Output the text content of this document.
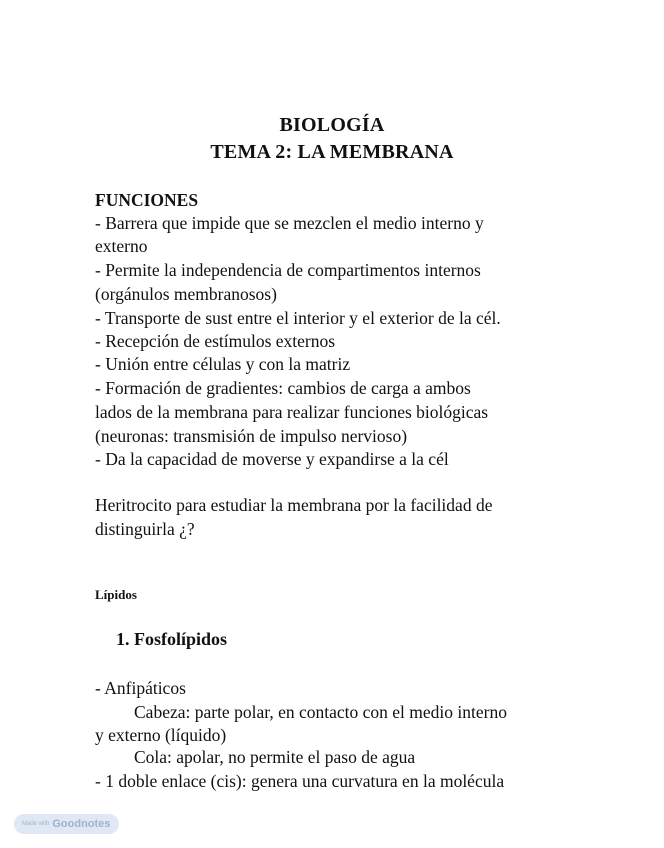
BIOLOGÍA
TEMA 2: LA MEMBRANA
FUNCIONES
- Barrera que impide que se mezclen el medio interno y
externo
- Permite la independencia de compartimentos internos
(orgánulos membranosos)
- Transporte de sust entre el interior y el exterior de la cél.
- Recepción de estímulos externos
- Unión entre células y con la matriz
- Formación de gradientes: cambios de carga a ambos
lados de la membrana para realizar funciones biológicas
(neuronas: transmisión de impulso nervioso)
- Da la capacidad de moverse y expandirse a la cél
Heritrocito para estudiar la membrana por la facilidad de
distinguirla ¿?
Lípidos
1. Fosfolípidos
- Anfipáticos
Cabeza: parte polar, en contacto con el medio interno
y externo (líquido)
Cola: apolar, no permite el paso de agua
- 1 doble enlace (cis): genera una curvatura en la molécula
Made with Goodnotes
